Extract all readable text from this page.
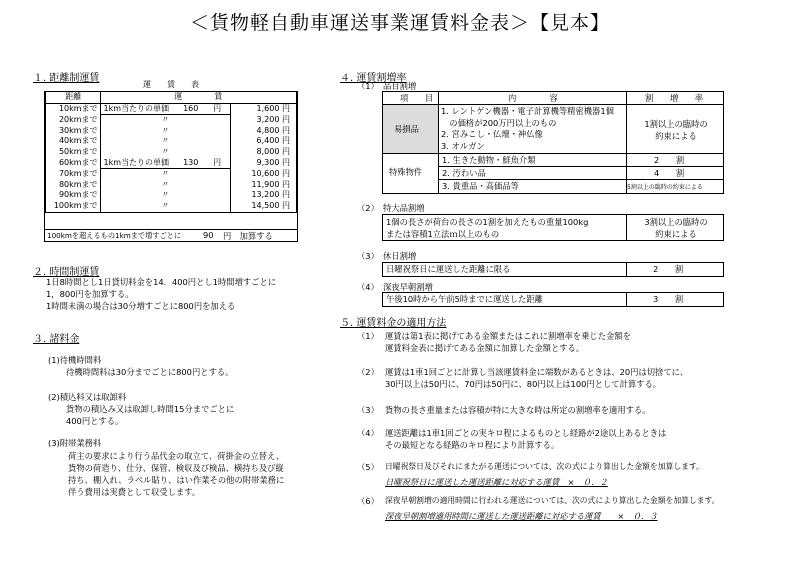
＜貨物軽自動車運送事業運賃料金表＞【見本】
１. 距離制運賃
運　　賃　　表
距離	運　　　　賃	
10kmまで	1km当たりの単価 160 円	1,600 円
20kmまで	〃	3,200 円
30kmまで	〃	4,800 円
40kmまで	〃	6,400 円
50kmまで	〃	8,000 円
60kmまで	1km当たりの単価 130 円	9,300 円
70kmまで	〃	10,600 円
80kmまで	〃	11,900 円
90kmまで	〃	13,200 円
100kmまで	〃	14,500 円
100kmを超えるもの1kmまで増すごとに	90 円　加算する
２. 時間制運賃
1日8時間とし1日貸切料金を14．400円とし1時間増すごとに
1，800円を加算する。
1時間未満の場合は30分増すごとに800円を加える
３. 諸料金
(1)待機時間料
待機時間料は30分までごとに800円とする。
(2)積込料又は取卸料
貨物の積込み又は取卸し時間15分までごとに
400円とする。
(3)附帯業務料
荷主の要求により行う品代金の取立て、荷掛金の立替え、
貨物の荷造り、仕分、保管、検収及び検品、横持ち及び縦
持ち、棚入れ、ラベル貼り、はい作業その他の附帯業務に
伴う費用は実費として収受します。
４. 運賃割増率
（1）　品目割増
項　　目	内　　　　容	割　　増　　率
易損品
1. レントゲン機器・電子計算機等精密機器1個
　の価格が200万円以上のもの
2. 宮みこし・仏壇・神仏像
3. オルガン
1割以上の臨時の
約束による
特殊物件
1. 生きた動物・鮮魚介類	2　　割
2. 汚わい品	4　　割
3. 貴重品・高価品等	5割以上の臨時の約束による
（2）　特大品割増
1個の長さが荷台の長さの1割を加えたもの重量100kg
または容積1立法ｍ以上のもの
3割以上の臨時の
約束による
（3）　休日割増
日曜祝祭日に運送した距離に限る	2　　割
（4）　深夜早朝割増
午後10時から午前5時までに運送した距離	3　　割
５. 運賃料金の適用方法
（1） 運賃は第1表に掲げてある金額またはこれに割増率を乗じた金額を
運賃料金表に掲げてある金額に加算した金額とする。
（2） 運賃は1車1回ごとに計算し当該運賃料金に端数があるときは、20円は切捨てに、
30円以上は50円に、70円は50円に、80円以上は100円として計算する。
（3） 貨物の長さ重量または容積が特に大きな時は所定の割増率を適用する。
（4） 運送距離は1車1回ごとの実キロ程によるものとし経路が2途以上あるときは
その最短となる経路のキロ程により計算する。
（5） 日曜祝祭日及びそれにまたがる運送については、次の式により算出した金額を加算します。
日曜祝祭日に運送した運送距離に対応する運賃　×　０．２
（6） 深夜早朝割増の適用時間に行われる運送については、次の式により算出した金額を加算します。
深夜早朝割増適用時間に運送した運送距離に対応する運賃　　×　０．３
